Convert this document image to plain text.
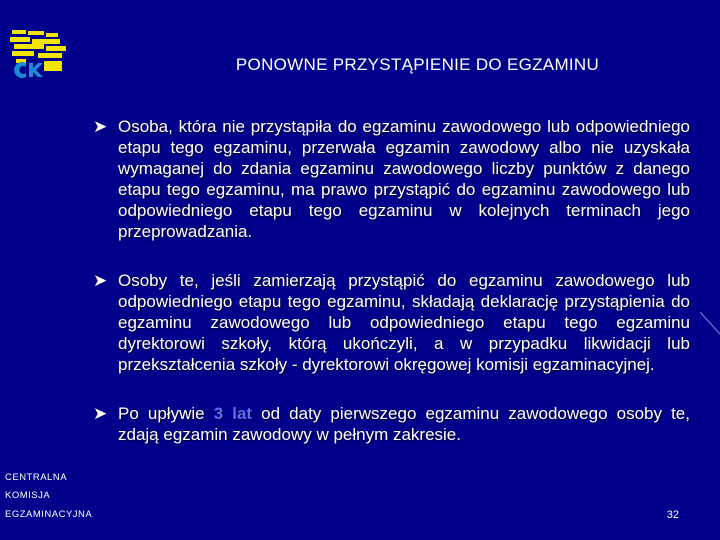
PONOWNE PRZYSTĄPIENIE DO EGZAMINU
➤ Osoba, która nie przystąpiła do egzaminu zawodowego lub odpowiedniego etapu tego egzaminu, przerwała egzamin zawodowy albo nie uzyskała wymaganej do zdania egzaminu zawodowego liczby punktów z danego etapu tego egzaminu, ma prawo przystąpić do egzaminu zawodowego lub odpowiedniego etapu tego egzaminu w kolejnych terminach jego przeprowadzania.
➤ Osoby te, jeśli zamierzają przystąpić do egzaminu zawodowego lub odpowiedniego etapu tego egzaminu, składają deklarację przystąpienia do egzaminu zawodowego lub odpowiedniego etapu tego egzaminu dyrektorowi szkoły, którą ukończyli, a w przypadku likwidacji lub przekształcenia szkoły - dyrektorowi okręgowej komisji egzaminacyjnej.
➤ Po upływie 3 lat od daty pierwszego egzaminu zawodowego osoby te, zdają egzamin zawodowy w pełnym zakresie.
CENTRALNA
KOMISJA
EGZAMINACYJNA	32
